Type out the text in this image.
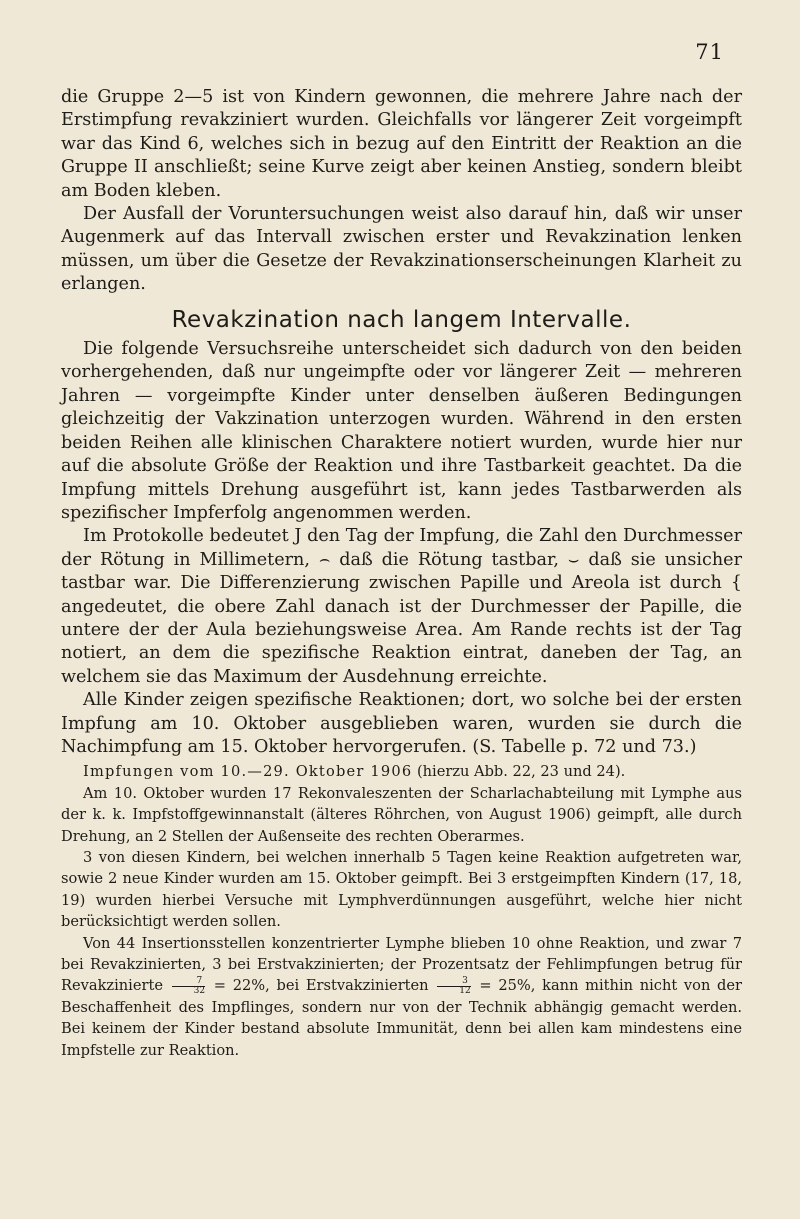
71

die Gruppe 2—5 ist von Kindern gewonnen, die mehrere Jahre nach der Erstimpfung revakziniert wurden. Gleichfalls vor längerer Zeit vorgeimpft war das Kind 6, welches sich in bezug auf den Eintritt der Reaktion an die Gruppe II anschließt; seine Kurve zeigt aber keinen Anstieg, sondern bleibt am Boden kleben.

Der Ausfall der Voruntersuchungen weist also darauf hin, daß wir unser Augenmerk auf das Intervall zwischen erster und Revakzination lenken müssen, um über die Gesetze der Revakzinationserscheinungen Klarheit zu erlangen.

Revakzination nach langem Intervalle.

Die folgende Versuchsreihe unterscheidet sich dadurch von den beiden vorhergehenden, daß nur ungeimpfte oder vor längerer Zeit — mehreren Jahren — vorgeimpfte Kinder unter denselben äußeren Bedingungen gleichzeitig der Vakzination unterzogen wurden. Während in den ersten beiden Reihen alle klinischen Charaktere notiert wurden, wurde hier nur auf die absolute Größe der Reaktion und ihre Tastbarkeit geachtet. Da die Impfung mittels Drehung ausgeführt ist, kann jedes Tastbarwerden als spezifischer Impferfolg angenommen werden.

Im Protokolle bedeutet J den Tag der Impfung, die Zahl den Durchmesser der Rötung in Millimetern, ⌢ daß die Rötung tastbar, ⌣ daß sie unsicher tastbar war. Die Differenzierung zwischen Papille und Areola ist durch { angedeutet, die obere Zahl danach ist der Durchmesser der Papille, die untere der der Aula beziehungsweise Area. Am Rande rechts ist der Tag notiert, an dem die spezifische Reaktion eintrat, daneben der Tag, an welchem sie das Maximum der Ausdehnung erreichte.

Alle Kinder zeigen spezifische Reaktionen; dort, wo solche bei der ersten Impfung am 10. Oktober ausgeblieben waren, wurden sie durch die Nachimpfung am 15. Oktober hervorgerufen. (S. Tabelle p. 72 und 73.)

Impfungen vom 10.—29. Oktober 1906 (hierzu Abb. 22, 23 und 24).

Am 10. Oktober wurden 17 Rekonvaleszenten der Scharlachabteilung mit Lymphe aus der k. k. Impfstoffgewinnanstalt (älteres Röhrchen, von August 1906) geimpft, alle durch Drehung, an 2 Stellen der Außenseite des rechten Oberarmes.

3 von diesen Kindern, bei welchen innerhalb 5 Tagen keine Reaktion aufgetreten war, sowie 2 neue Kinder wurden am 15. Oktober geimpft. Bei 3 erstgeimpften Kindern (17, 18, 19) wurden hierbei Versuche mit Lymphverdünnungen ausgeführt, welche hier nicht berücksichtigt werden sollen.

Von 44 Insertionsstellen konzentrierter Lymphe blieben 10 ohne Reaktion, und zwar 7 bei Revakzinierten, 3 bei Erstvakzinierten; der Prozentsatz der Fehlimpfungen betrug für Revakzinierte $\frac{7}{32} = 22\%$, bei Erstvakzinierten $\frac{3}{12} = 25\%$, kann mithin nicht von der Beschaffenheit des Impflinges, sondern nur von der Technik abhängig gemacht werden. Bei keinem der Kinder bestand absolute Immunität, denn bei allen kam mindestens eine Impfstelle zur Reaktion.
